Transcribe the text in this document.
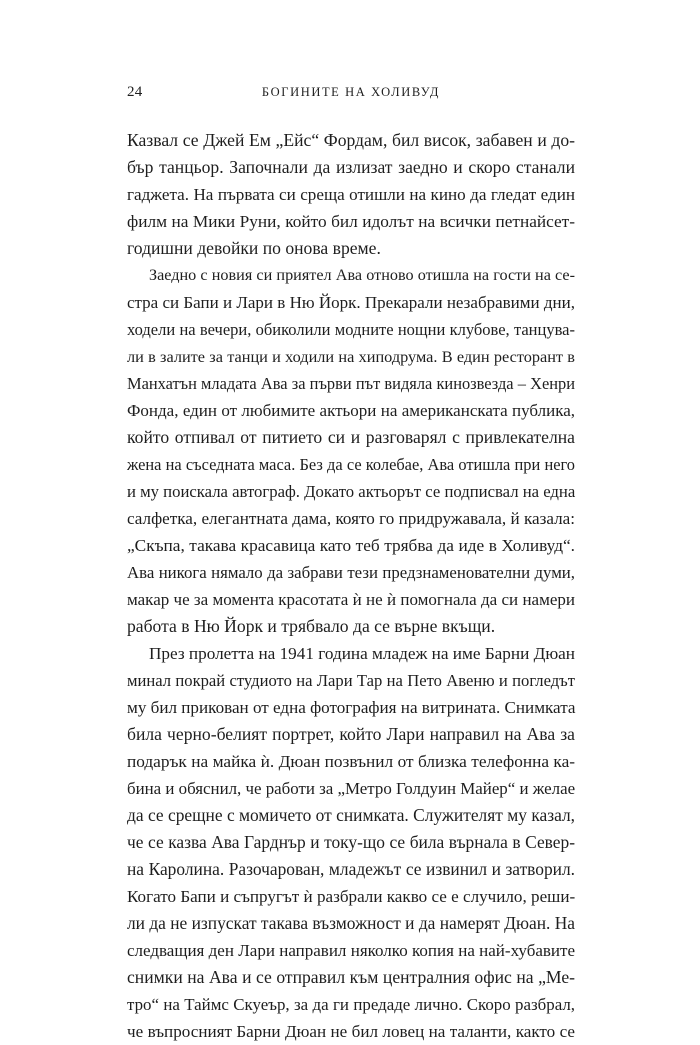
24	БОГИНИТЕ НА ХОЛИВУД
Казвал се Джей Ем „Ейс“ Фордам, бил висок, забавен и до-
бър танцьор. Започнали да излизат заедно и скоро станали
гаджета. На първата си среща отишли на кино да гледат един
филм на Мики Руни, който бил идолът на всички петнайсет-
годишни девойки по онова време.
Заедно с новия си приятел Ава отново отишла на гости на се-
стра си Бапи и Лари в Ню Йорк. Прекарали незабравими дни,
ходели на вечери, обиколили модните нощни клубове, танцува-
ли в залите за танци и ходили на хиподрума. В един ресторант в
Манхатън младата Ава за първи път видяла кинозвезда – Хенри
Фонда, един от любимите актьори на американската публика,
който отпивал от питието си и разговарял с привлекателна
жена на съседната маса. Без да се колебае, Ава отишла при него
и му поискала автограф. Докато актьорът се подписвал на една
салфетка, елегантната дама, която го придружавала, й казала:
„Скъпа, такава красавица като теб трябва да иде в Холивуд“.
Ава никога нямало да забрави тези предзнаменователни думи,
макар че за момента красотата ѝ не ѝ помогнала да си намери
работа в Ню Йорк и трябвало да се върне вкъщи.
През пролетта на 1941 година младеж на име Барни Дюан
минал покрай студиото на Лари Тар на Пето Авеню и погледът
му бил прикован от една фотография на витрината. Снимката
била черно-белият портрет, който Лари направил на Ава за
подарък на майка ѝ. Дюан позвънил от близка телефонна ка-
бина и обяснил, че работи за „Метро Голдуин Майер“ и желае
да се срещне с момичето от снимката. Служителят му казал,
че се казва Ава Гарднър и току-що се била върнала в Север-
на Каролина. Разочарован, младежът се извинил и затворил.
Когато Бапи и съпругът ѝ разбрали какво се е случило, реши-
ли да не изпускат такава възможност и да намерят Дюан. На
следващия ден Лари направил няколко копия на най-хубавите
снимки на Ава и се отправил към централния офис на „Ме-
тро“ на Таймс Скуеър, за да ги предаде лично. Скоро разбрал,
че въпросният Барни Дюан не бил ловец на таланти, както се
